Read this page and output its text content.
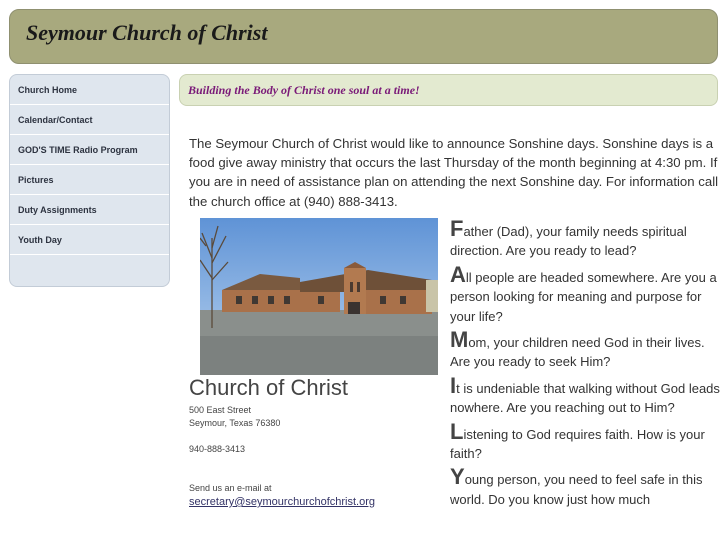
Seymour Church of Christ
Church Home
Calendar/Contact
GOD'S TIME Radio Program
Pictures
Duty Assignments
Youth Day
Building the Body of Christ one soul at a time!
The Seymour Church of Christ would like to announce Sonshine days. Sonshine days is a food give away ministry that occurs the last Thursday of the month beginning at 4:30 pm. If you are in need of assistance plan on attending the next Sonshine day. For information call the church office at (940) 888-3413.
Church of Christ
500 East Street
Seymour, Texas 76380
940-888-3413
Send us an e-mail at
secretary@seymourchurchofchrist.org
Father (Dad), your family needs spiritual direction. Are you ready to lead?
All people are headed somewhere. Are you a person looking for meaning and purpose for your life?
Mom, your children need God in their lives. Are you ready to seek Him?
It is undeniable that walking without God leads nowhere. Are you reaching out to Him?
Listening to God requires faith. How is your faith?
Young person, you need to feel safe in this world. Do you know just how much
